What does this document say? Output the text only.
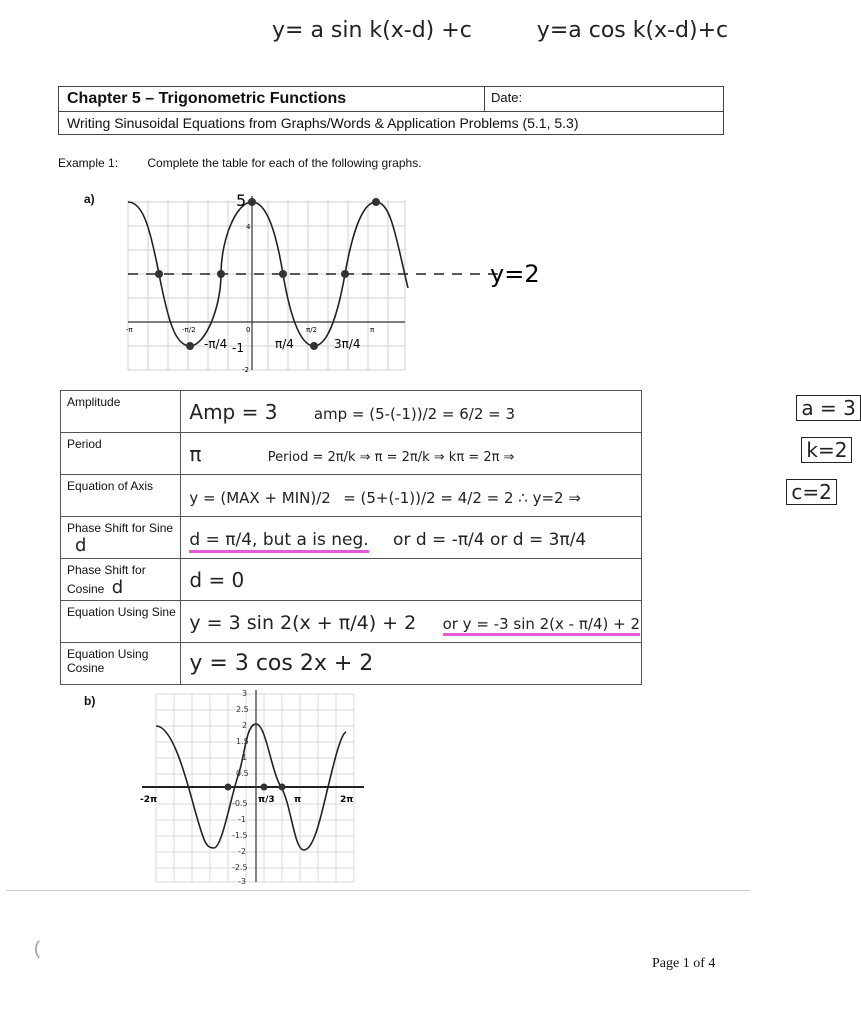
y= a sin k(x-d) +c	y=a cos k(x-d)+c
Chapter 5 – Trigonometric Functions	Date:
Writing Sinusoidal Equations from Graphs/Words & Application Problems (5.1, 5.3)
Example 1: Complete the table for each of the following graphs.
a)	5
4
-2
-π	-π/2	0	π/2	π
-π/4 -1	π/4	3π/4
y=2
Amplitude	Amp = 3 amp = (5-(-1))/2 = 6/2 = 3 a = 3

Period	π Period = 2π/k ⇒ π = 2π/k ⇒ kπ = 2π ⇒ k=2

Equation of Axis	y = (MAX + MIN)/2 = (5+(-1))/2 = 4/2 = 2 ∴ y=2 ⇒ c=2

Phase Shift for Sine d	d = π/4, but a is neg. or d = -π/4 or d = 3π/4
Phase Shift for Cosine d	d = 0
Equation Using Sine	y = 3 sin 2(x + π/4) + 2 or y = -3 sin 2(x - π/4) + 2
Equation Using Cosine	y = 3 cos 2x + 2
b)
3
2.5
2
1.5
1
0.5
-0.5
-1
-1.5
-2
-2.5
-3
-2π	π/3 π	2π
(
Page 1 of 4
